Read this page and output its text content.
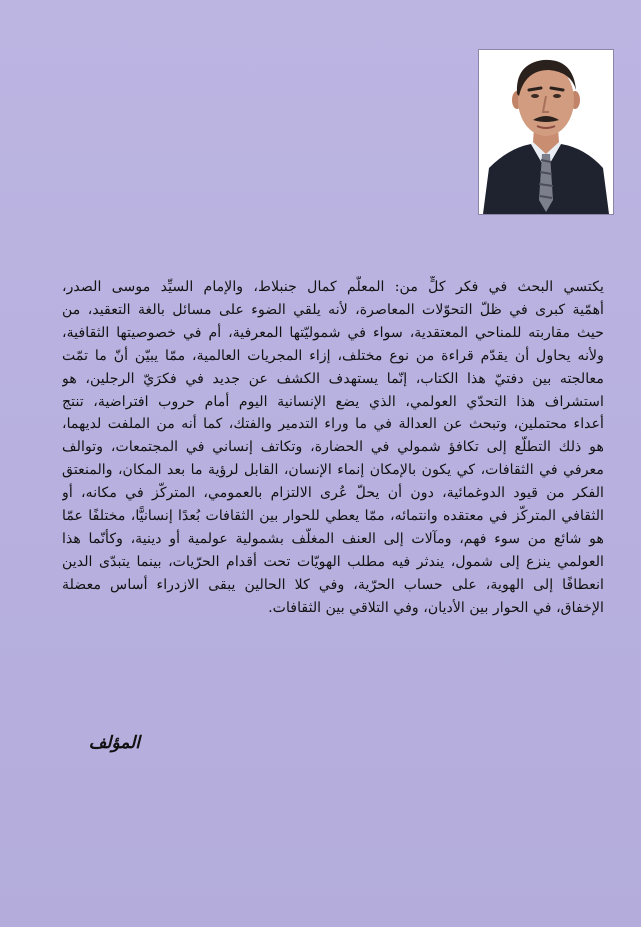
يكتسي البحث في فكر كلٍّ من: المعلّم كمال جنبلاط، والإمام السيِّد موسى الصدر،
أهمّية كبرى في ظلّ التحوّلات المعاصرة، لأنه يلقي الضوء على مسائل بالغة التعقيد، من
حيث مقاربته للمناحي المعتقدية، سواء في شموليّتها المعرفية، أم في خصوصيتها الثقافية،
ولأنه يحاول أن يقدّم قراءة من نوع مختلف، إزاء المجريات العالمية، ممّا يبيّن أنّ ما تمّت
معالجته بين دفتيّ هذا الكتاب، إنّما يستهدف الكشف عن جديد في فكرَيّ الرجلين، هو
استشراف هذا التحدّي العولمي، الذي يضع الإنسانية اليوم أمام حروب افتراضية، تنتج
أعداء محتملين، وتبحث عن العدالة في ما وراء التدمير والفتك، كما أنه من الملفت لديهما،
هو ذلك التطلّع إلى تكافؤ شمولي في الحضارة، وتكاتف إنساني في المجتمعات، وتوالف
معرفي في الثقافات، كي يكون بالإمكان إنماء الإنسان، القابل لرؤية ما بعد المكان، والمنعتق
الفكر من قيود الدوغمائية، دون أن يحلّ عُرى الالتزام بالعمومي، المتركّز في مكانه، أو
الثقافي المتركّز في معتقده وانتمائه، ممّا يعطي للحوار بين الثقافات بُعدًا إنسانيًّا، مختلفًا عمّا
هو شائع من سوء فهم، ومآلات إلى العنف المغلّف بشمولية عولمية أو دينية، وكأنّما هذا
العولمي ينزع إلى شمول، يندثر فيه مطلب الهويّات تحت أقدام الحرّيات، بينما يتبدّى الدين
انعطافًا إلى الهوية، على حساب الحرّية، وفي كلا الحالين يبقى الازدراء أساس معضلة
الإخفاق، في الحوار بين الأديان، وفي التلاقي بين الثقافات.
المؤلف
